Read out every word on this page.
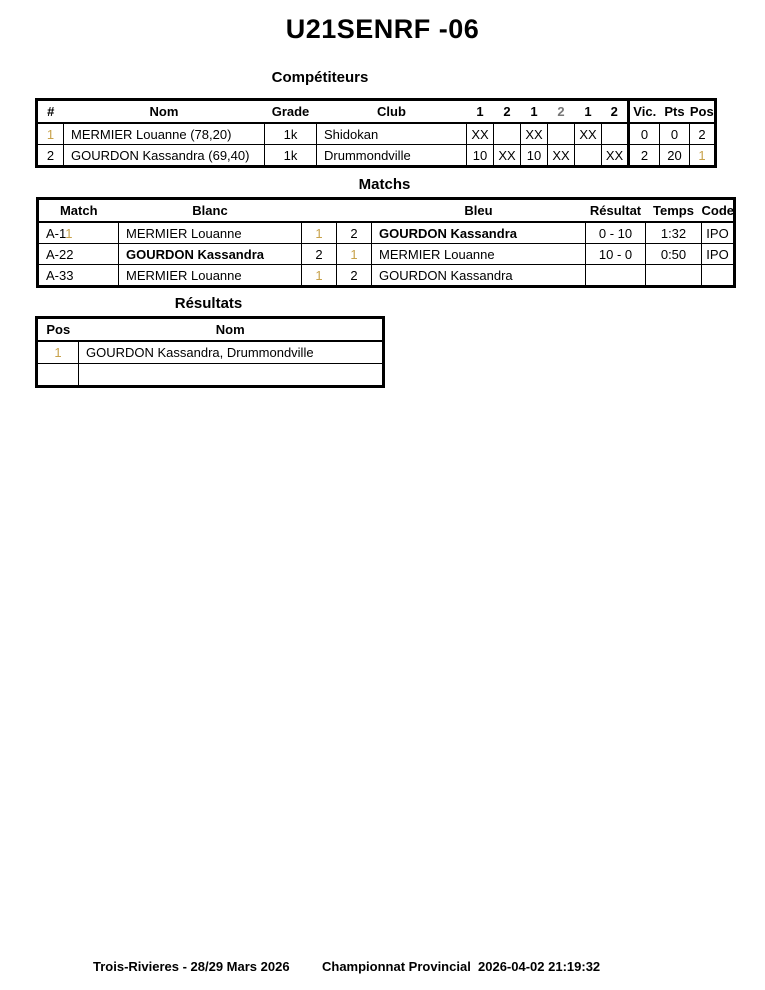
U21SENRF -06
Compétiteurs
#	Nom	Grade	Club	1	2	1	2	1	2	Vic.	Pts	Pos
1	MERMIER Louanne (78,20)	1k	Shidokan	XX		XX		XX		0	0	2
2	GOURDON Kassandra (69,40)	1k	Drummondville	10	XX	10	XX		XX	2	20	1
Matchs
Match	Blanc			Bleu	Résultat	Temps	Code
A-11	MERMIER Louanne	1	2	GOURDON Kassandra	0 - 10	1:32	IPO
A-22	GOURDON Kassandra	2	1	MERMIER Louanne	10 - 0	0:50	IPO
A-33	MERMIER Louanne	1	2	GOURDON Kassandra			
Résultats
Pos	Nom
1	GOURDON Kassandra, Drummondville

Trois-Rivieres - 28/29 Mars 2026 Championnat Provincial 2026-04-02 21:19:32
